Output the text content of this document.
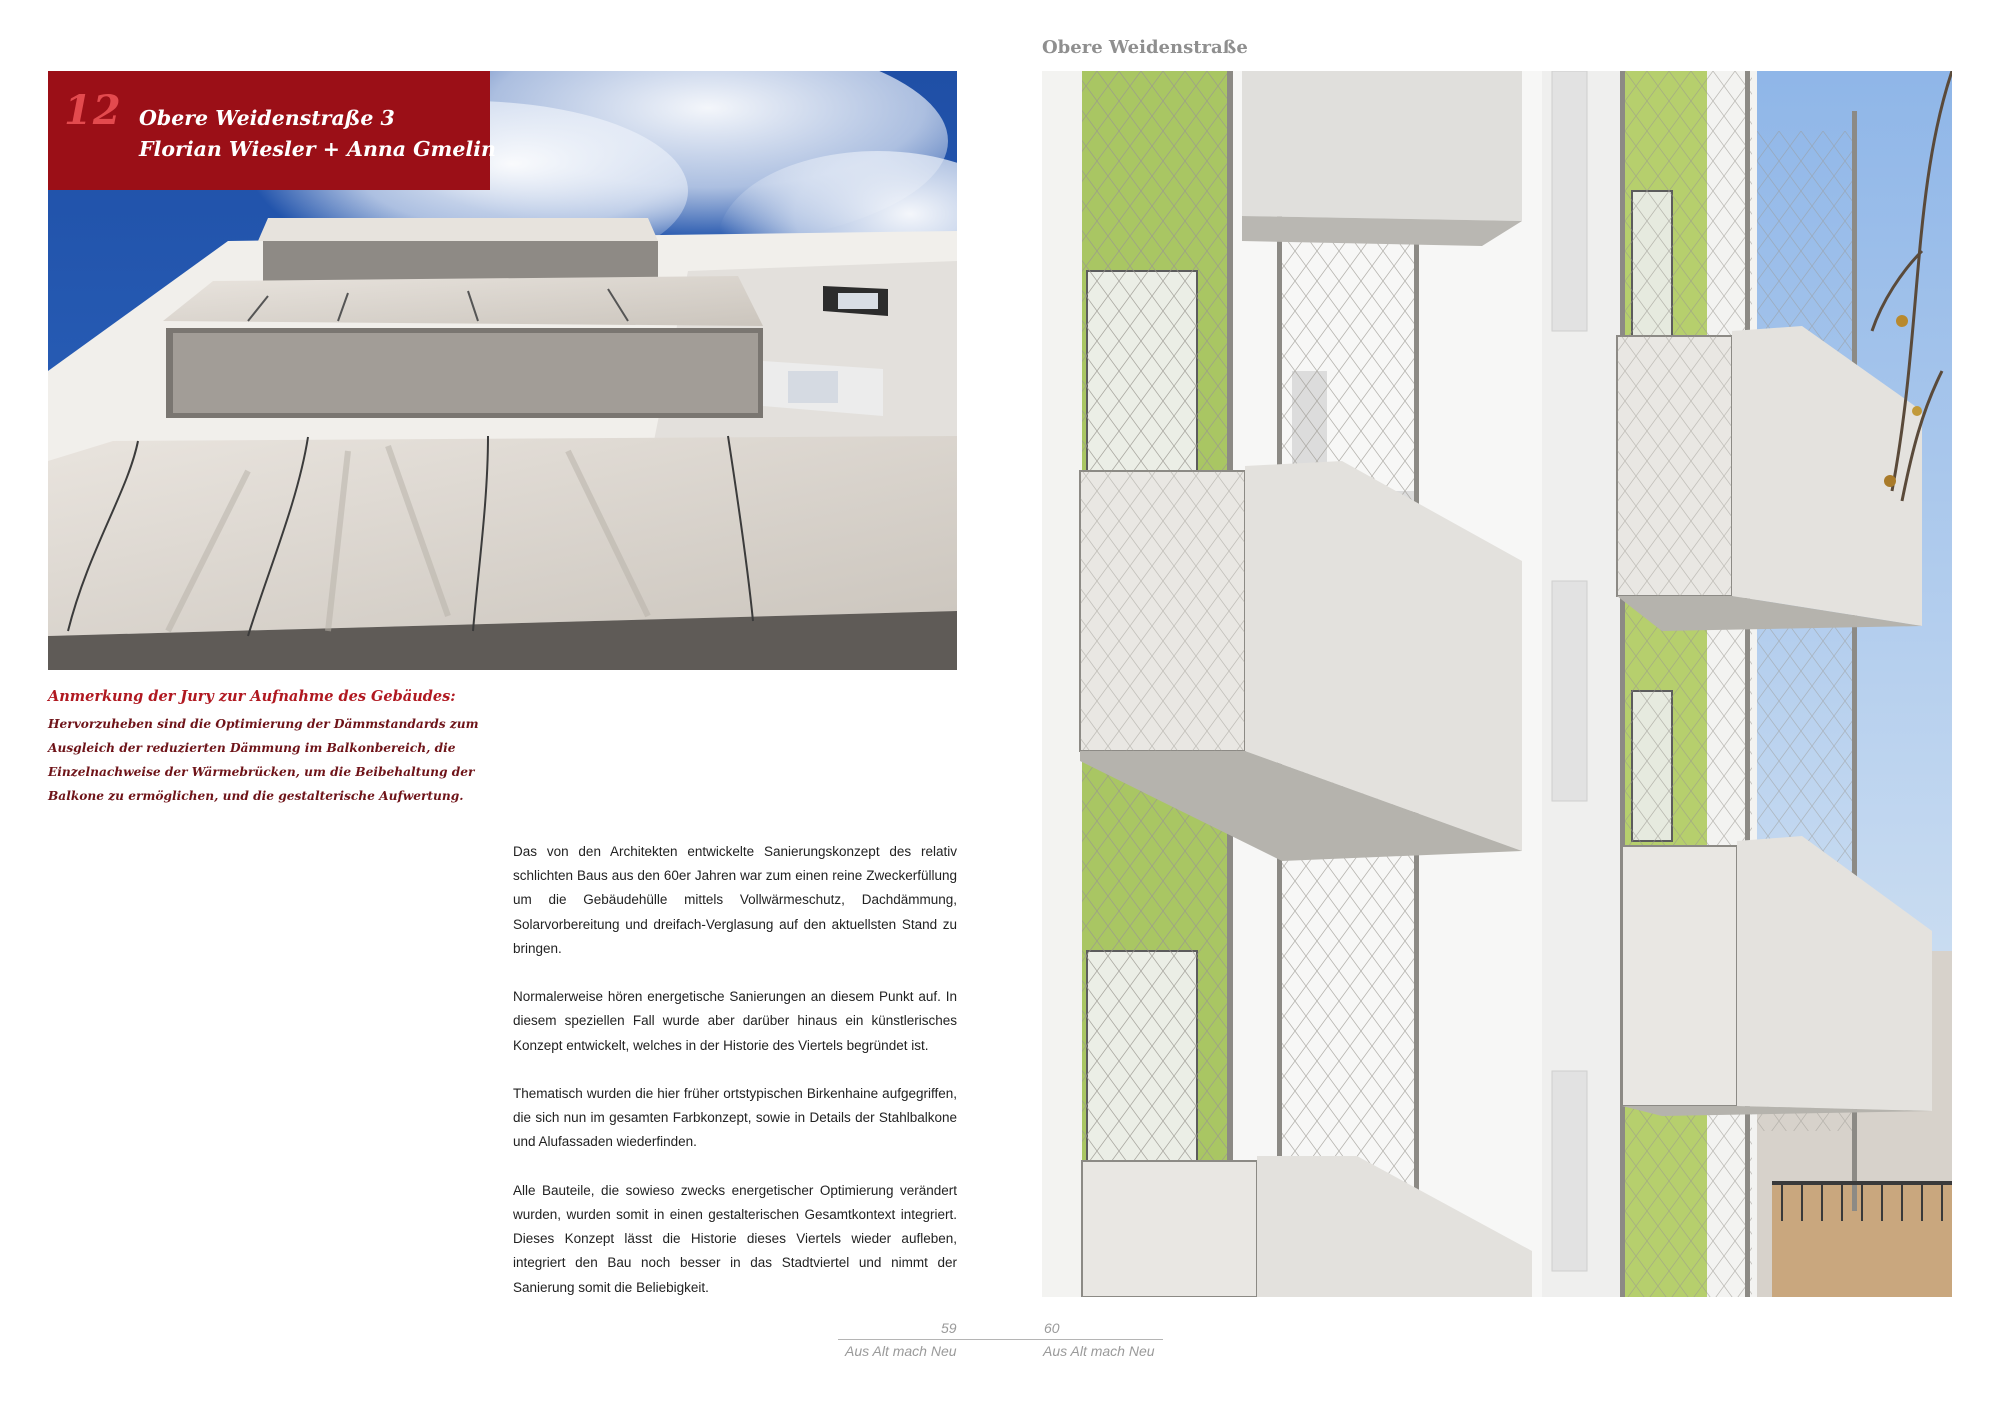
12 Obere Weidenstraße 3
Florian Wiesler + Anna Gmelin
Anmerkung der Jury zur Aufnahme des Gebäudes:
Hervorzuheben sind die Optimierung der Dämmstandards zum
Ausgleich der reduzierten Dämmung im Balkonbereich, die
Einzelnachweise der Wärmebrücken, um die Beibehaltung der
Balkone zu ermöglichen, und die gestalterische Aufwertung.

Das von den Architekten entwickelte Sanierungskonzept des relativ schlichten Baus aus den 60er Jahren war zum einen reine Zweckerfüllung um die Gebäudehülle mittels Vollwärmeschutz, Dachdämmung, Solarvorbereitung und dreifach-Verglasung auf den aktuellsten Stand zu bringen.

Normalerweise hören energetische Sanierungen an diesem Punkt auf. In diesem speziellen Fall wurde aber darüber hinaus ein künstlerisches Konzept entwickelt, welches in der Historie des Viertels begründet ist.

Thematisch wurden die hier früher ortstypischen Birkenhaine aufgegriffen, die sich nun im gesamten Farbkonzept, sowie in Details der Stahlbalkone und Alufassaden wiederfinden.

Alle Bauteile, die sowieso zwecks energetischer Optimierung verändert wurden, wurden somit in einen gestalterischen Gesamtkontext integriert. Dieses Konzept lässt die Historie dieses Viertels wieder aufleben, integriert den Bau noch besser in das Stadtviertel und nimmt der Sanierung somit die Beliebigkeit.

Obere Weidenstraße
59	60
Aus Alt mach Neu	Aus Alt mach Neu
